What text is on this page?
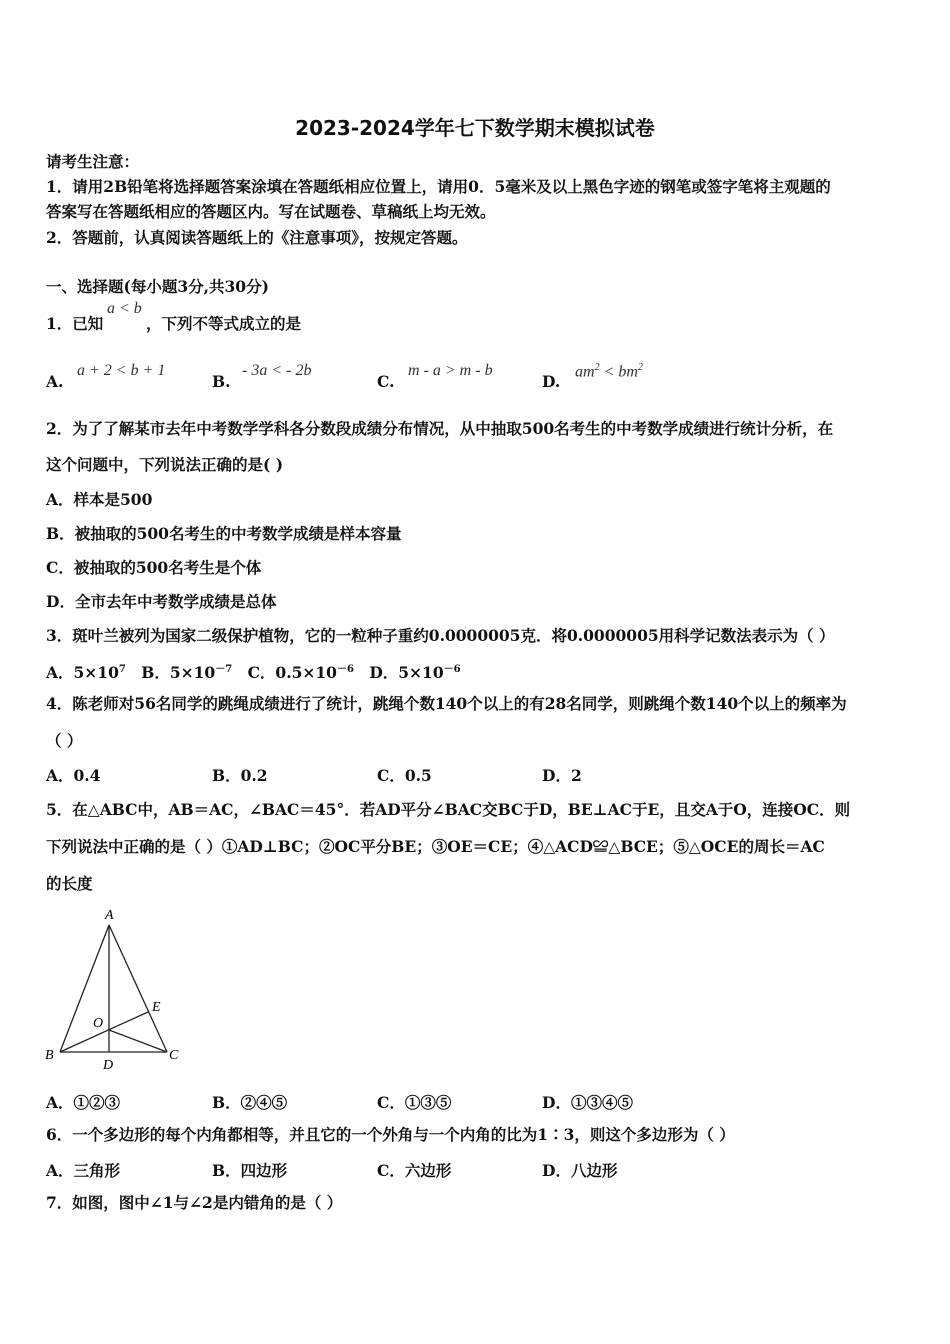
2023-2024学年七下数学期末模拟试卷
请考生注意：
1．请用2B铅笔将选择题答案涂填在答题纸相应位置上，请用0．5毫米及以上黑色字迹的钢笔或签字笔将主观题的
答案写在答题纸相应的答题区内。写在试题卷、草稿纸上均无效。
2．答题前，认真阅读答题纸上的《注意事项》，按规定答题。
一、选择题(每小题3分,共30分)
1．已知
a < b
，下列不等式成立的是
A.
a + 2 < b + 1
B.
- 3a < - 2b
C.
m - a > m - b
D.
$am^2 < bm^2$
2．为了了解某市去年中考数学学科各分数段成绩分布情况，从中抽取500名考生的中考数学成绩进行统计分析，在
这个问题中，下列说法正确的是( )
A．样本是500
B．被抽取的500名考生的中考数学成绩是样本容量
C．被抽取的500名考生是个体
D．全市去年中考数学成绩是总体
3．斑叶兰被列为国家二级保护植物，它的一粒种子重约0.0000005克．将0.0000005用科学记数法表示为（ ）
A．$5\times 10^7$ B．$5\times 10^{-7}$ C．$0.5\times 10^{-6}$ D．$5\times 10^{-6}$
4．陈老师对56名同学的跳绳成绩进行了统计，跳绳个数140个以上的有28名同学，则跳绳个数140个以上的频率为
（ ）
A．0.4	B．0.2	C．0.5	D．2
5．在△ABC中，AB＝AC，∠BAC＝45°．若AD平分∠BAC交BC于D，BE⊥AC于E，且交A于O，连接OC．则
下列说法中正确的是（ ）①AD⊥BC；②OC平分BE；③OE＝CE；④△ACD≌△BCE；⑤△OCE的周长＝AC
的长度
A
B	C
D
E
O
A．①②③	B．②④⑤	C．①③⑤	D．①③④⑤
6．一个多边形的每个内角都相等，并且它的一个外角与一个内角的比为1∶3，则这个多边形为（ ）
A．三角形	B．四边形	C．六边形	D．八边形
7．如图，图中∠1与∠2是内错角的是（ ）
